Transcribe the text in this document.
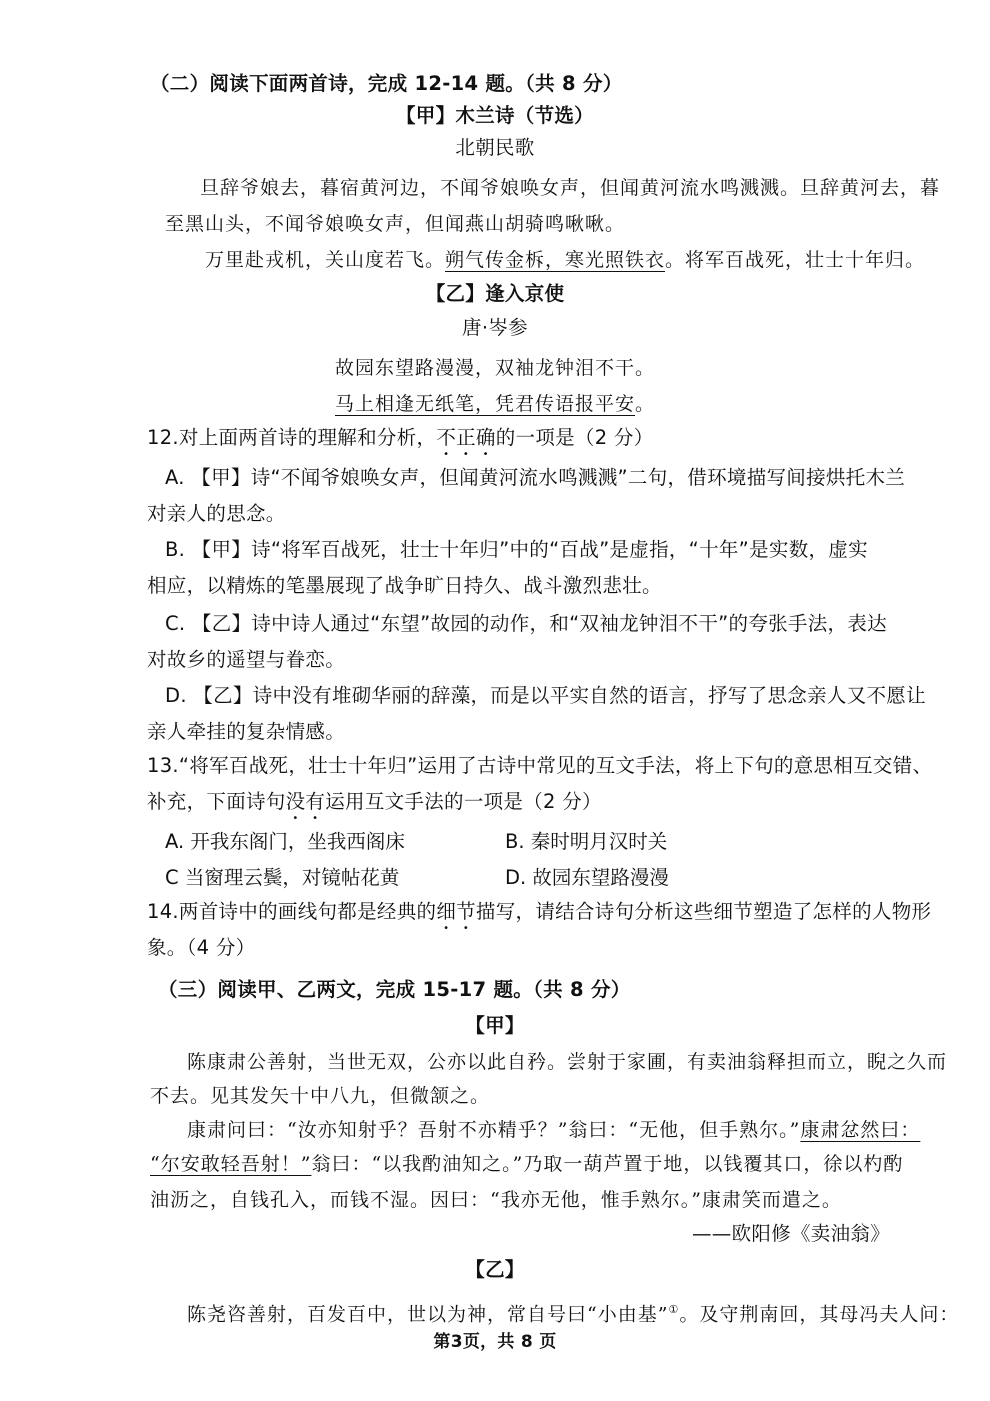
（二）阅读下面两首诗，完成 12-14 题。（共 8 分）
【甲】木兰诗（节选）
北朝民歌
旦辞爷娘去，暮宿黄河边，不闻爷娘唤女声，但闻黄河流水鸣溅溅。旦辞黄河去，暮
至黑山头，不闻爷娘唤女声，但闻燕山胡骑鸣啾啾。
万里赴戎机，关山度若飞。朔气传金柝，寒光照铁衣。将军百战死，壮士十年归。
【乙】逢入京使
唐·岑参
故园东望路漫漫，双袖龙钟泪不干。
马上相逢无纸笔，凭君传语报平安。
12.对上面两首诗的理解和分析，不正确的一项是（2 分）
A. 【甲】诗“不闻爷娘唤女声，但闻黄河流水鸣溅溅”二句，借环境描写间接烘托木兰
对亲人的思念。
B. 【甲】诗“将军百战死，壮士十年归”中的“百战”是虚指，“十年”是实数，虚实
相应，以精炼的笔墨展现了战争旷日持久、战斗激烈悲壮。
C. 【乙】诗中诗人通过“东望”故园的动作，和“双袖龙钟泪不干”的夸张手法，表达
对故乡的遥望与眷恋。
D. 【乙】诗中没有堆砌华丽的辞藻，而是以平实自然的语言，抒写了思念亲人又不愿让
亲人牵挂的复杂情感。
13.“将军百战死，壮士十年归”运用了古诗中常见的互文手法，将上下句的意思相互交错、
补充，下面诗句没有运用互文手法的一项是（2 分）
A. 开我东阁门，坐我西阁床	B. 秦时明月汉时关
C 当窗理云鬓，对镜帖花黄	D. 故园东望路漫漫
14.两首诗中的画线句都是经典的细节描写，请结合诗句分析这些细节塑造了怎样的人物形
象。（4 分）
（三）阅读甲、乙两文，完成 15-17 题。（共 8 分）
【甲】
陈康肃公善射，当世无双，公亦以此自矜。尝射于家圃，有卖油翁释担而立，睨之久而
不去。见其发矢十中八九，但微颔之。
康肃问曰：“汝亦知射乎？吾射不亦精乎？”翁曰：“无他，但手熟尔。”康肃忿然曰：
“尔安敢轻吾射！”翁曰：“以我酌油知之。”乃取一葫芦置于地，以钱覆其口，徐以杓酌
油沥之，自钱孔入，而钱不湿。因曰：“我亦无他，惟手熟尔。”康肃笑而遣之。
——欧阳修《卖油翁》
【乙】
陈尧咨善射，百发百中，世以为神，常自号曰“小由基”①。及守荆南回，其母冯夫人问：
第3页，共 8 页
